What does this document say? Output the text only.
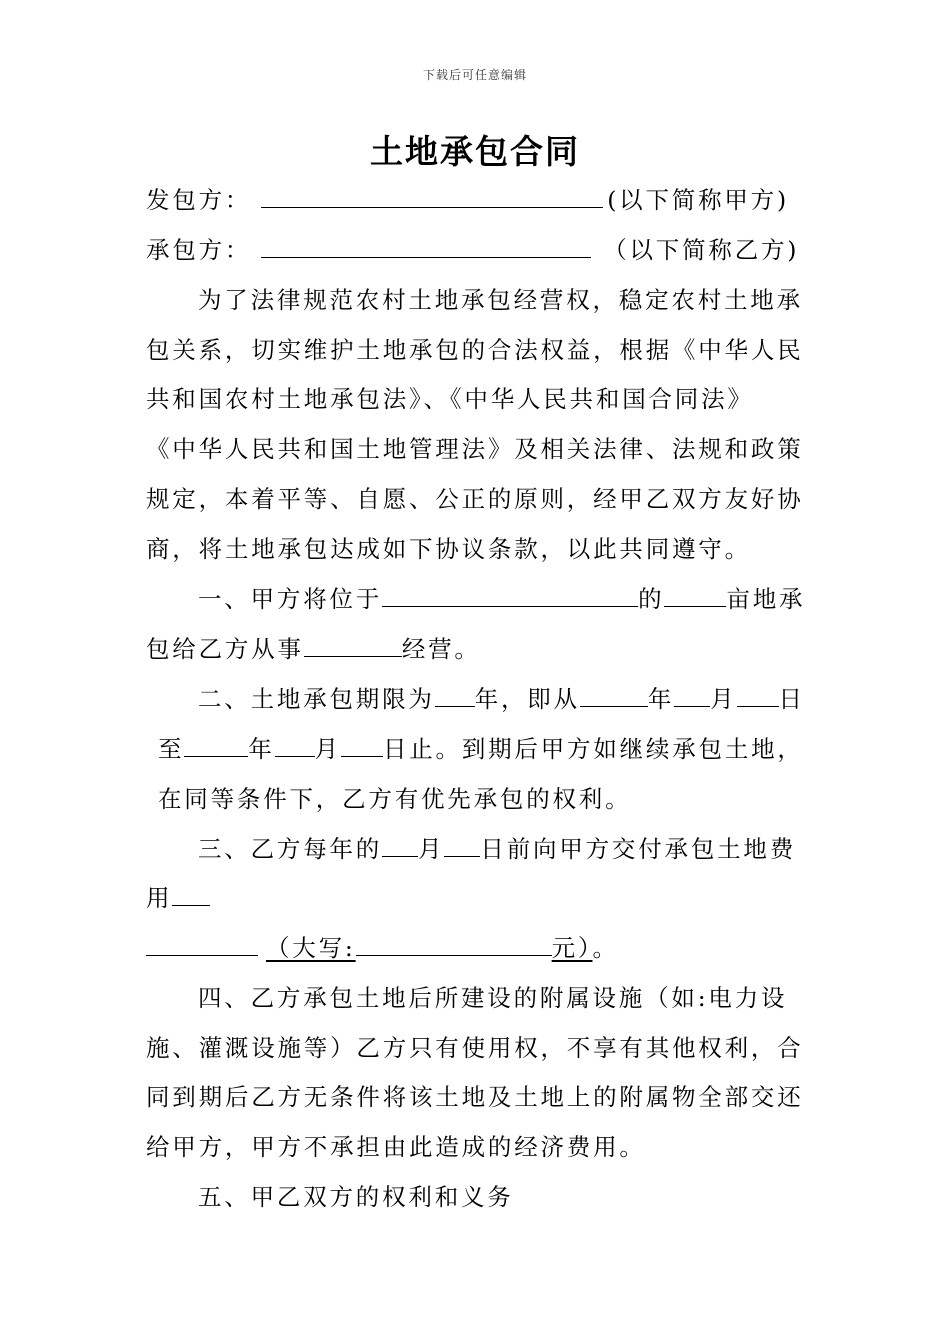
下载后可任意编辑
土地承包合同
发包方：	(以下简称甲方)
承包方：	（以下简称乙方)
为了法律规范农村土地承包经营权，稳定农村土地承
包关系，切实维护土地承包的合法权益，根据《中华人民
共和国农村土地承包法》、《中华人民共和国合同法》
《中华人民共和国土地管理法》及相关法律、法规和政策
规定，本着平等、自愿、公正的原则，经甲乙双方友好协
商，将土地承包达成如下协议条款，以此共同遵守。
一、甲方将位于	的	亩地承
包给乙方从事	经营。
二、土地承包期限为 年，即从	年 月 日
至	年 月 日止。到期后甲方如继续承包土地，
在同等条件下，乙方有优先承包的权利。
三、乙方每年的 月 日前向甲方交付承包土地费
用
（大写:	元）。
四、乙方承包土地后所建设的附属设施（如:电力设
施、灌溉设施等）乙方只有使用权，不享有其他权利，合
同到期后乙方无条件将该土地及土地上的附属物全部交还
给甲方，甲方不承担由此造成的经济费用。
五、甲乙双方的权利和义务
